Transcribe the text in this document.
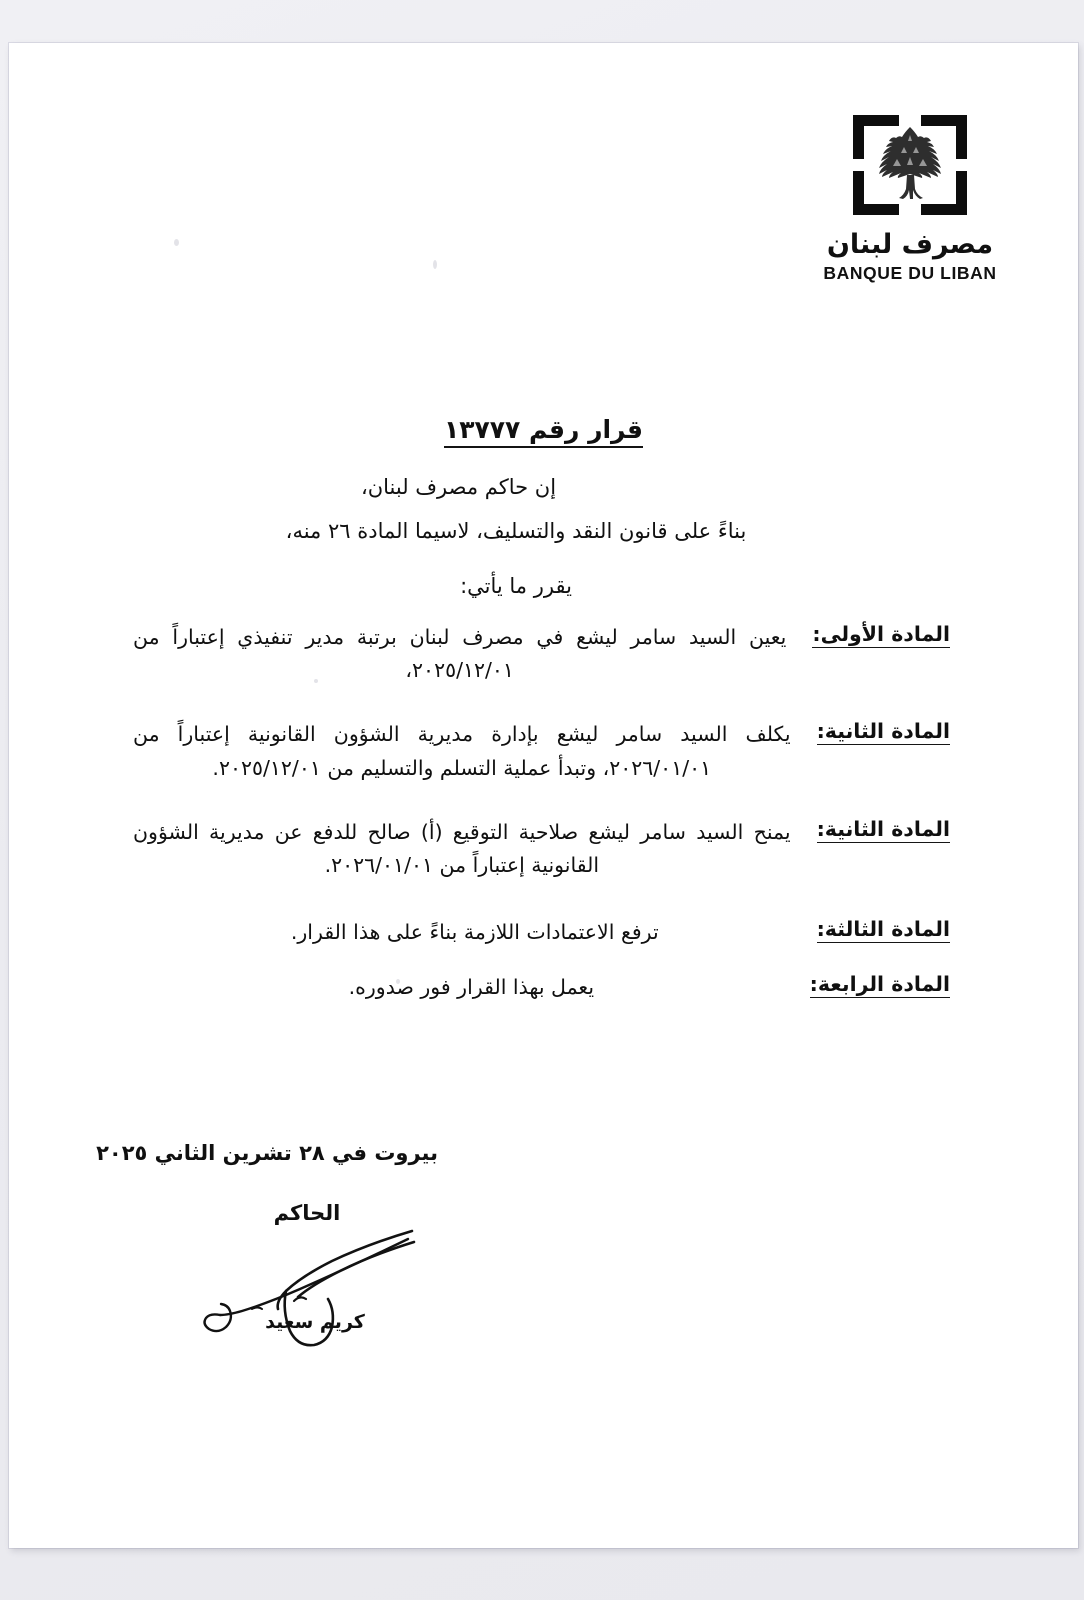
مصرف لبنان
BANQUE DU LIBAN
قرار رقم ١٣٧٧٧

إن حاكم مصرف لبنان،

بناءً على قانون النقد والتسليف، لاسيما المادة ٢٦ منه،

يقرر ما يأتي:

المادة الأولى:
يعين السيد سامر ليشع في مصرف لبنان برتبة مدير تنفيذي إعتباراً من ٢٠٢٥/١٢/٠١،
المادة الثانية:
يكلف السيد سامر ليشع بإدارة مديرية الشؤون القانونية إعتباراً من ٢٠٢٦/٠١/٠١، وتبدأ عملية التسلم والتسليم من ٢٠٢٥/١٢/٠١.
المادة الثانية:
يمنح السيد سامر ليشع صلاحية التوقيع (أ) صالح للدفع عن مديرية الشؤون القانونية إعتباراً من ٢٠٢٦/٠١/٠١.
المادة الثالثة:
ترفع الاعتمادات اللازمة بناءً على هذا القرار.
المادة الرابعة:
يعمل بهذا القرار فور صدوره.
بيروت في ٢٨ تشرين الثاني ٢٠٢٥
الحاكم
كريم سعيد
